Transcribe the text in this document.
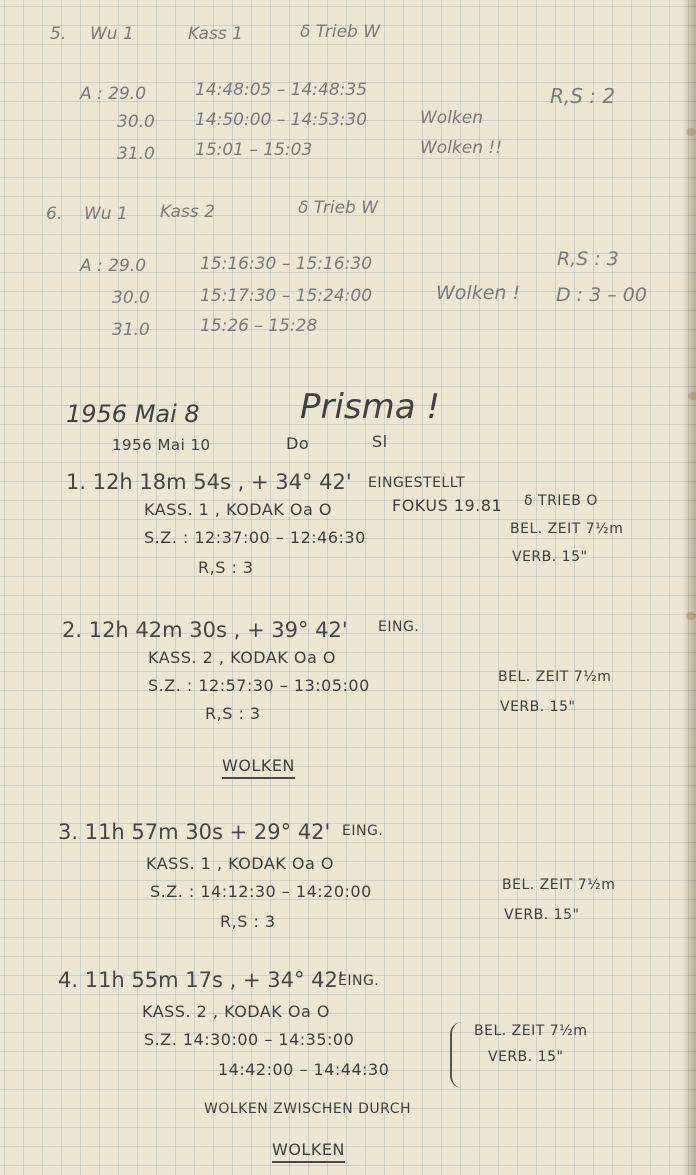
5. Wu 1	Kass 1	δ Trieb W
R,S : 2
A : 29.0	14:48:05 – 14:48:35
30.0 14:50:00 – 14:53:30	Wolken
31.0 15:01 – 15:03	Wolken !!
6. Wu 1 Kass 2	δ Trieb W
R,S : 3
D : 3 – 00
A : 29.0	15:16:30 – 15:16:30
30.0	15:17:30 – 15:24:00	Wolken !
31.0	15:26 – 15:28
1956 Mai 8	Prisma !
1956 Mai 10	Do	Sl
1. 12h 18m 54s , + 34° 42' EINGESTELLT
KASS. 1 , KODAK Oa O	FOKUS 19.81 δ TRIEB O
S.Z. : 12:37:00 – 12:46:30	BEL. ZEIT 7½m
VERB. 15"
R,S : 3
2. 12h 42m 30s , + 39° 42' EING.
KASS. 2 , KODAK Oa O
S.Z. : 12:57:30 – 13:05:00	BEL. ZEIT 7½m
VERB. 15"
R,S : 3
WOLKEN
3. 11h 57m 30s + 29° 42' EING.
KASS. 1 , KODAK Oa O
S.Z. : 14:12:30 – 14:20:00	BEL. ZEIT 7½m
VERB. 15"
R,S : 3
4. 11h 55m 17s , + 34° 42'
EING.
KASS. 2 , KODAK Oa O
S.Z. 14:30:00 – 14:35:00
14:42:00 – 14:44:30
BEL. ZEIT 7½m
VERB. 15"
WOLKEN ZWISCHEN DURCH
WOLKEN
